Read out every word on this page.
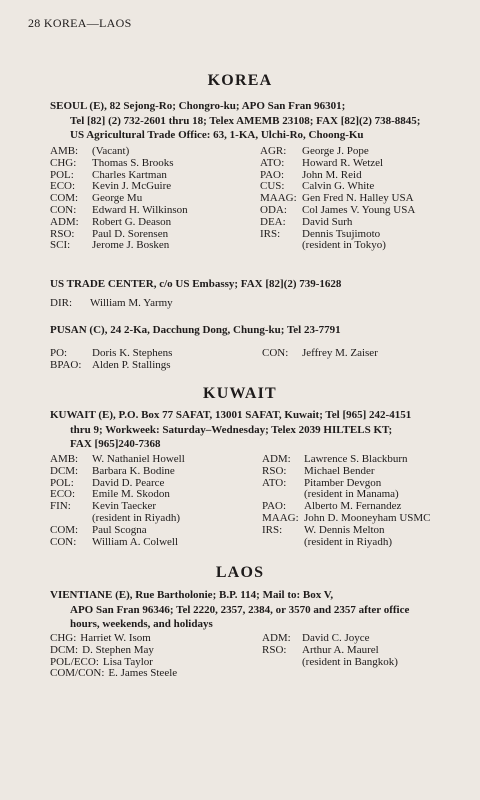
28 KOREA—LAOS
KOREA
SEOUL (E), 82 Sejong-Ro; Chongro-ku; APO San Fran 96301;
Tel [82] (2) 732-2601 thru 18; Telex AMEMB 23108; FAX [82](2) 738-8845;
US Agricultural Trade Office: 63, 1-KA, Ulchi-Ro, Choong-Ku
AMB:	(Vacant)
CHG:	Thomas S. Brooks
POL:	Charles Kartman
ECO:	Kevin J. McGuire
COM:	George Mu
CON:	Edward H. Wilkinson
ADM:	Robert G. Deason
RSO:	Paul D. Sorensen
SCI:	Jerome J. Bosken
AGR:	George J. Pope
ATO:	Howard R. Wetzel
PAO:	John M. Reid
CUS:	Calvin G. White
MAAG: Gen Fred N. Halley USA
ODA:	Col James V. Young USA
DEA:	David Surh
IRS:	Dennis Tsujimoto
(resident in Tokyo)
US TRADE CENTER, c/o US Embassy; FAX [82](2) 739-1628
DIR:	William M. Yarmy
PUSAN (C), 24 2-Ka, Dacchung Dong, Chung-ku; Tel 23-7791
PO:	Doris K. Stephens
BPAO: Alden P. Stallings
CON:	Jeffrey M. Zaiser
KUWAIT
KUWAIT (E), P.O. Box 77 SAFAT, 13001 SAFAT, Kuwait; Tel [965] 242-4151
thru 9; Workweek: Saturday–Wednesday; Telex 2039 HILTELS KT;
FAX [965]240-7368
AMB:	W. Nathaniel Howell
DCM:	Barbara K. Bodine
POL:	David D. Pearce
ECO:	Emile M. Skodon
FIN:	Kevin Taecker
(resident in Riyadh)
COM:	Paul Scogna
CON:	William A. Colwell
ADM:	Lawrence S. Blackburn
RSO:	Michael Bender
ATO:	Pitamber Devgon
(resident in Manama)
PAO:	Alberto M. Fernandez
MAAG: John D. Mooneyham USMC
IRS:	W. Dennis Melton
(resident in Riyadh)
LAOS
VIENTIANE (E), Rue Bartholonie; B.P. 114; Mail to: Box V,
APO San Fran 96346; Tel 2220, 2357, 2384, or 3570 and 2357 after office
hours, weekends, and holidays
CHG: Harriet W. Isom
DCM: D. Stephen May
POL/ECO: Lisa Taylor
COM/CON: E. James Steele
ADM:	David C. Joyce
RSO:	Arthur A. Maurel
(resident in Bangkok)
